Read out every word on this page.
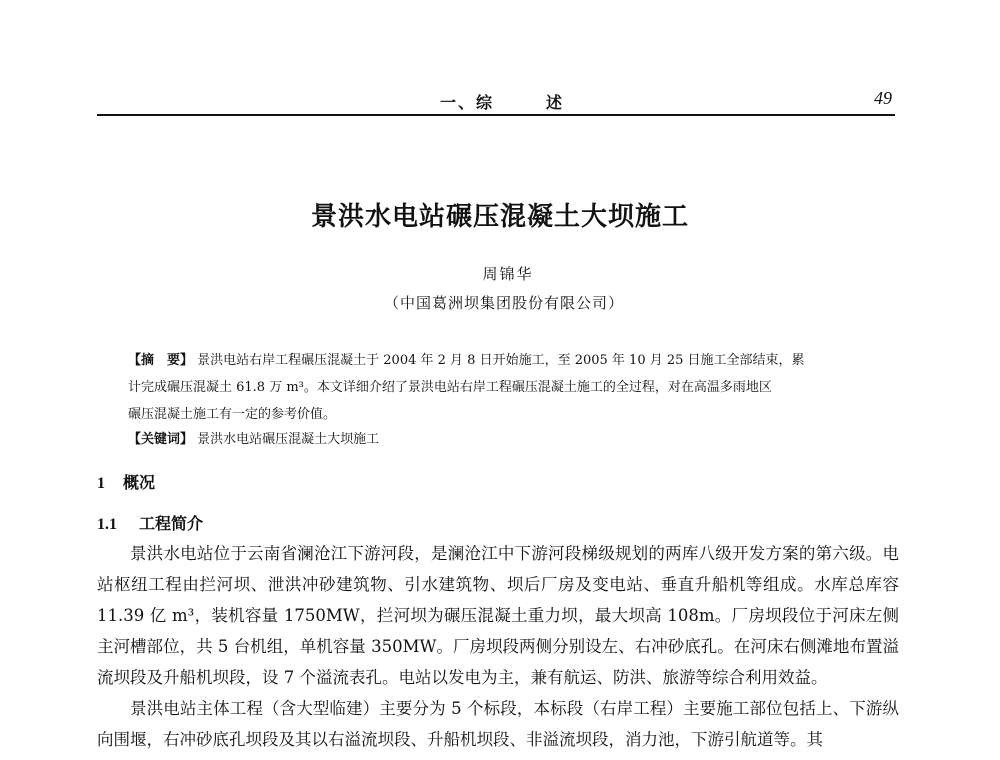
一、综	述	49
景洪水电站碾压混凝土大坝施工
周锦华
（中国葛洲坝集团股份有限公司）
【摘　要】 景洪电站右岸工程碾压混凝土于 2004 年 2 月 8 日开始施工，至 2005 年 10 月 25 日施工全部结束，累
计完成碾压混凝土 61.8 万 m³。本文详细介绍了景洪电站右岸工程碾压混凝土施工的全过程，对在高温多雨地区
碾压混凝土施工有一定的参考价值。
【关键词】 景洪水电站碾压混凝土大坝施工
1 概况
1.1 工程简介

景洪水电站位于云南省澜沧江下游河段，是澜沧江中下游河段梯级规划的两库八级开发方案的第六级。电站枢纽工程由拦河坝、泄洪冲砂建筑物、引水建筑物、坝后厂房及变电站、垂直升船机等组成。水库总库容 11.39 亿 m³，装机容量 1750MW，拦河坝为碾压混凝土重力坝，最大坝高 108m。厂房坝段位于河床左侧主河槽部位，共 5 台机组，单机容量 350MW。厂房坝段两侧分别设左、右冲砂底孔。在河床右侧滩地布置溢流坝段及升船机坝段，设 7 个溢流表孔。电站以发电为主，兼有航运、防洪、旅游等综合利用效益。

景洪电站主体工程（含大型临建）主要分为 5 个标段，本标段（右岸工程）主要施工部位包括上、下游纵向围堰，右冲砂底孔坝段及其以右溢流坝段、升船机坝段、非溢流坝段，消力池，下游引航道等。其
